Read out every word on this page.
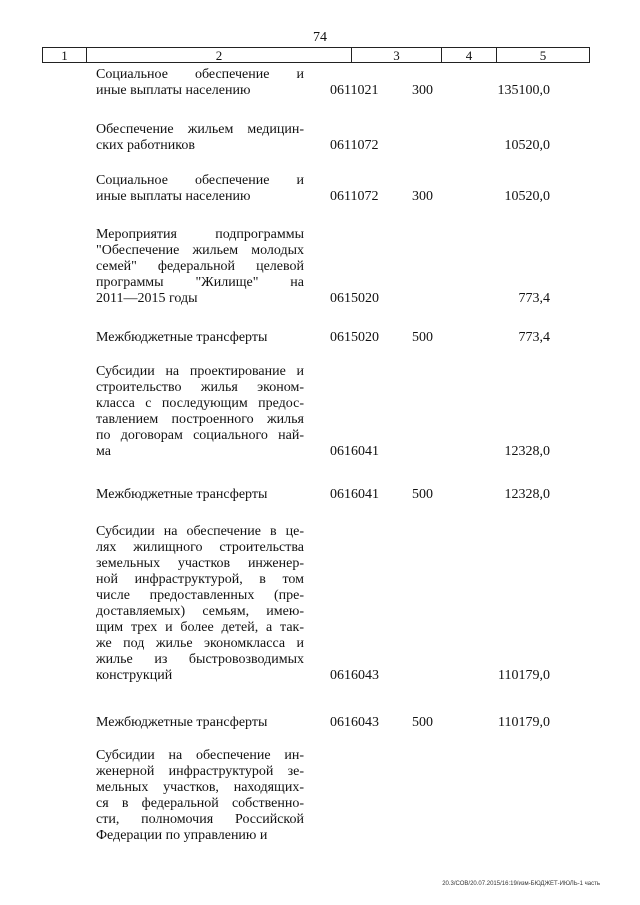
74
1	2	3	4	5
Социальное обеспечение и
иные выплаты населению	0611021 300	135100,0
Обеспечение жильем медицин-
ских работников	0611072	10520,0
Социальное обеспечение и
иные выплаты населению	0611072 300	10520,0
Мероприятия подпрограммы
"Обеспечение жильем молодых
семей" федеральной целевой
программы "Жилище" на
2011—2015 годы	0615020	773,4
Межбюджетные трансферты	0615020 500	773,4
Субсидии на проектирование и
строительство жилья эконом-
класса с последующим предос-
тавлением построенного жилья
по договорам социального най-
ма	0616041	12328,0
Межбюджетные трансферты	0616041 500	12328,0
Субсидии на обеспечение в це-
лях жилищного строительства
земельных участков инженер-
ной инфраструктурой, в том
числе предоставленных (пре-
доставляемых) семьям, имею-
щим трех и более детей, а так-
же под жилье экономкласса и
жилье из быстровозводимых
конструкций	0616043	110179,0
Межбюджетные трансферты	0616043 500	110179,0
Субсидии на обеспечение ин-
женерной инфраструктурой зе-
мельных участков, находящих-
ся в федеральной собственно-
сти, полномочия Российской
Федерации по управлению и
20.3/СОВ/20.07.2015/16:19/изм-БЮДЖЕТ-ИЮЛЬ-1 часть
